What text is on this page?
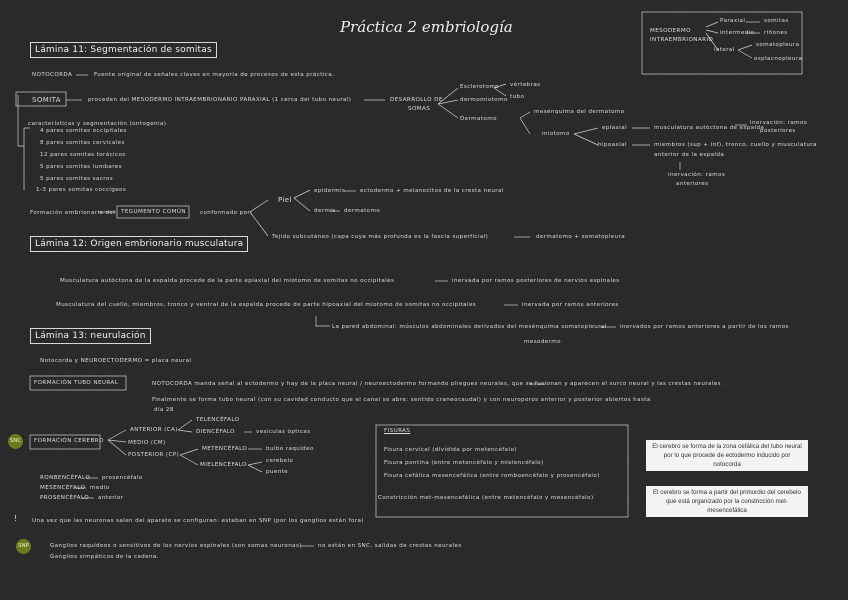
Práctica 2 embriología	MESODERMO
INTRAEMBRIONARIO
Paraxial	somitas
Intermedio riñones
lateral
somatopleura
esplacnopleura
Lámina 11: Segmentación de somitas
NOTOCORDA	Fuente original de señales claves en mayoría de procesos de esta práctica.
SOMITA	proceden del MESODERMO INTRAEMBRIONARIO PARAXIAL (1 cerca del tubo neural)	DESARROLLO DE
SOMAS
Esclerotomo
dermomiotomo
vértebras
tubo
Dermatomo
mesénquima del dermatomo
miotomo
epiaxial	musculatura autóctona de espalda
inervación: ramos
posteriores
hipoaxial	miembros (sup + inf), tronco, cuello y musculatura
anterior de la espalda
inervación: ramos
anteriores
características y segmentación (ontogenia)
4 pares somitas occipitales
8 pares somitas cervicales
12 pares somitas torácicos
5 pares somitas lumbares
5 pares somitas sacros
1-3 pares somitas coccígeos
Formación embrionaria del TEGUMENTO COMÚN	conformado por:
Piel
epidermis	ectodermo + melanocitos de la cresta neural
dermis dermatomo
Tejido subcutáneo (capa cuya más profunda es la fascia superficial)	dermatomo + somatopleura
Lámina 12: Origen embrionario musculatura
Musculatura autóctona de la espalda procede de la parte epiaxial del miotomo de somitas no occipitales	inervada por ramos posteriores de nervios espinales
Musculatura del cuello, miembros, tronco y ventral de la espalda procede de parte hipoaxial del miotomo de somitas no occipitales	inervada por ramos anteriores
La pared abdominal: músculos abdominales derivados del mesénquima somatopleural inervados por ramos anteriores a partir de los ramos
mesodermo
Lámina 13: neurulación
Notocorda y NEUROECTODERMO = placa neural
FORMACIÓN TUBO NEURAL	NOTOCORDA manda señal al ectodermo y hay de la placa neural / neuroectodermo formando pliegues neurales, que se fusionan y aparecen el surco neural y las crestas neurales
Finalmente se forma tubo neural (con su cavidad conducto que el canal se abre: sentido craneocaudal) y con neuroporos anterior y posterior abiertos hasta
día 28
SNC	FORMACIÓN CEREBRO
ANTERIOR (CA)
TELENCÉFALO
DIENCÉFALO	vesículas ópticas
MEDIO (CM)
POSTERIOR (CP)
METENCÉFALO	bulbo raquídeo
MIELENCÉFALO
cerebelo
puente
RONBENCÉFALO prosencéfalo
MESENCÉFALO medio
PROSENCÉFALO anterior
FISURAS
Fisura cervical (dividida por metencéfalo)
Fisura pontina (entre metencéfalo y mielencéfalo)
Fisura cefálica mesencefálica (entre romboencéfalo y prosencéfalo)
Constricción met-mesencefálica (entre metencéfalo y mesencéfalo)
El cerebro se forma de la zona cefálica del tubo neural por lo que procede de ectodermo inducido por notocorda
El cerebro se forma a partir del primordio del cerebelo que está organizado por la constricción met-mesencefálica
!	Una vez que las neuronas salen del aparato se configuran: estaban en SNP (por los ganglios están fora)
SNP	Ganglios raquídeos o sensitivos de los nervios espinales (son somas neuronas)	no están en SNC, salidas de crestas neurales
Ganglios simpáticos de la cadena.
